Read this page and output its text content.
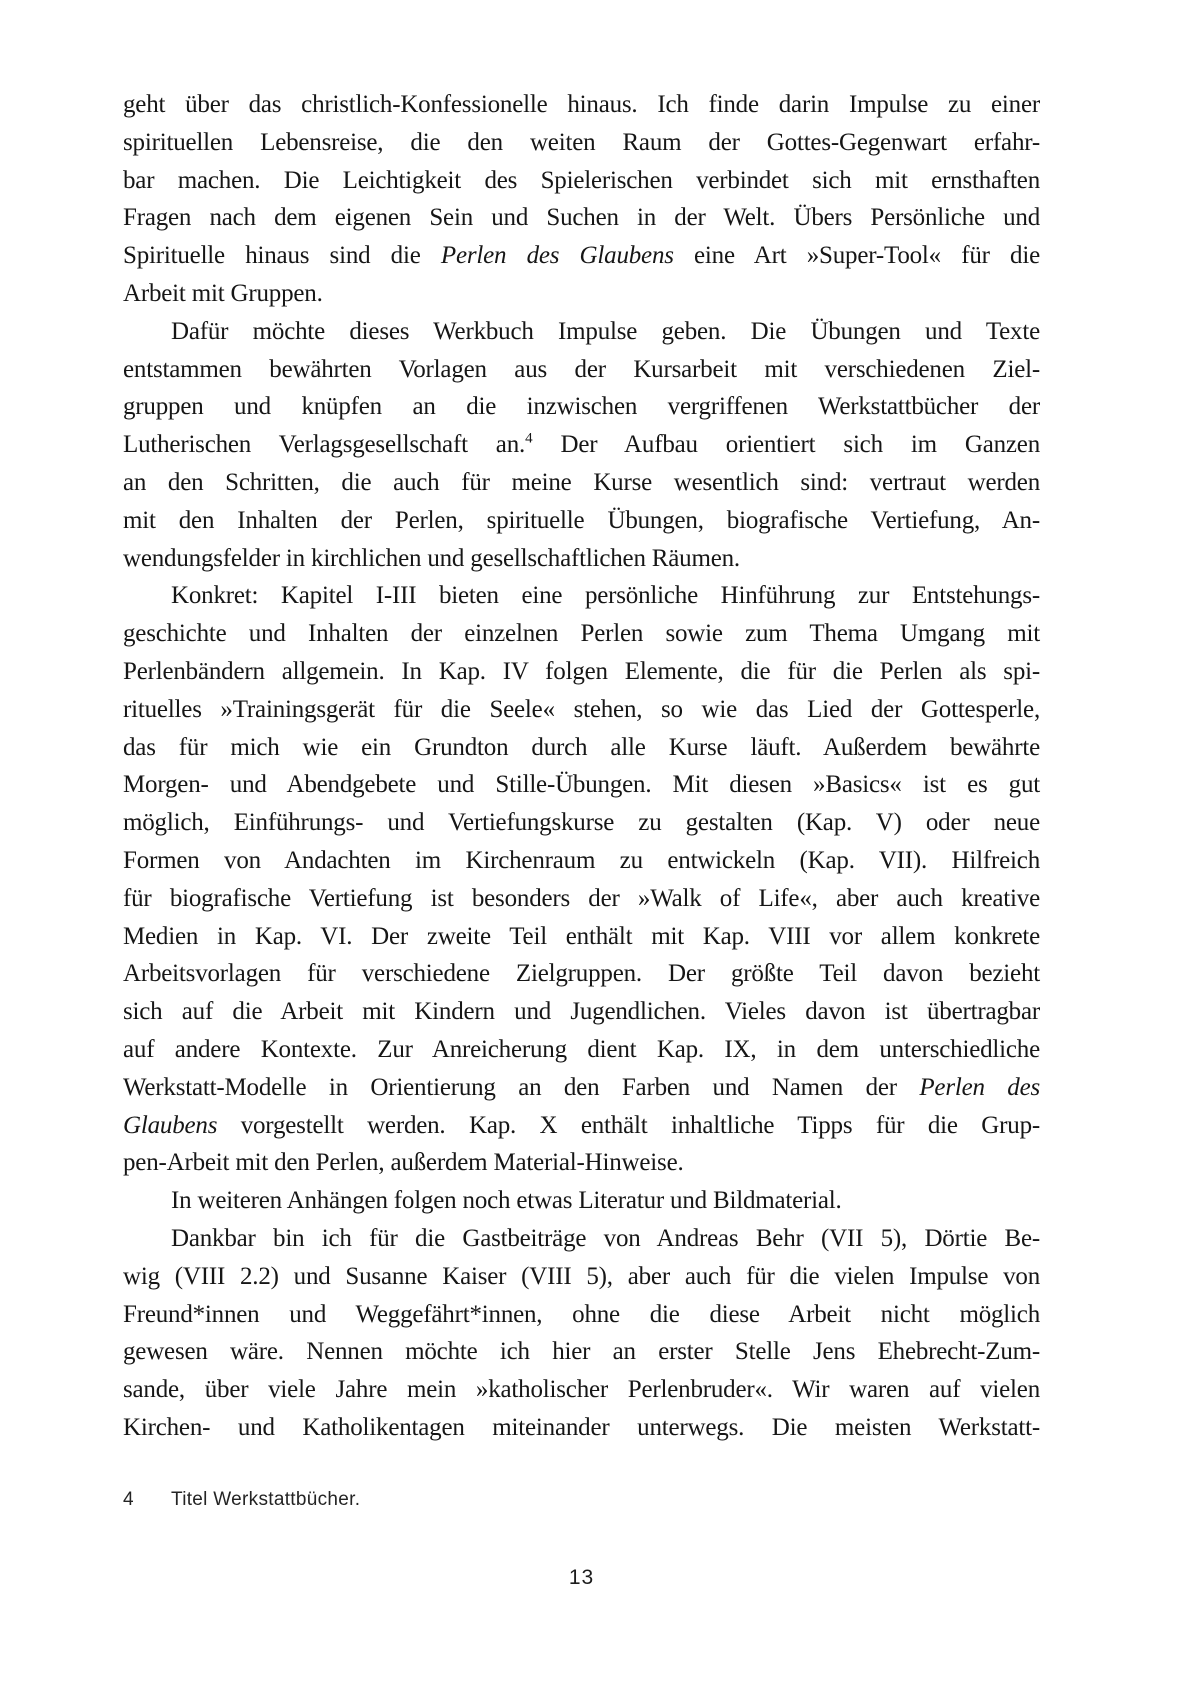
geht über das christlich-Konfessionelle hinaus. Ich finde darin Impulse zu einer
spirituellen Lebensreise, die den weiten Raum der Gottes-Gegenwart erfahr-
bar machen. Die Leichtigkeit des Spielerischen verbindet sich mit ernsthaften
Fragen nach dem eigenen Sein und Suchen in der Welt. Übers Persönliche und
Spirituelle hinaus sind die Perlen des Glaubens eine Art »Super-Tool« für die
Arbeit mit Gruppen.
Dafür möchte dieses Werkbuch Impulse geben. Die Übungen und Texte
entstammen bewährten Vorlagen aus der Kursarbeit mit verschiedenen Ziel-
gruppen und knüpfen an die inzwischen vergriffenen Werkstattbücher der
Lutherischen Verlagsgesellschaft an.$^4$ Der Aufbau orientiert sich im Ganzen
an den Schritten, die auch für meine Kurse wesentlich sind: vertraut werden
mit den Inhalten der Perlen, spirituelle Übungen, biografische Vertiefung, An-
wendungsfelder in kirchlichen und gesellschaftlichen Räumen.
Konkret: Kapitel I-III bieten eine persönliche Hinführung zur Entstehungs-
geschichte und Inhalten der einzelnen Perlen sowie zum Thema Umgang mit
Perlenbändern allgemein. In Kap. IV folgen Elemente, die für die Perlen als spi-
rituelles »Trainingsgerät für die Seele« stehen, so wie das Lied der Gottesperle,
das für mich wie ein Grundton durch alle Kurse läuft. Außerdem bewährte
Morgen- und Abendgebete und Stille-Übungen. Mit diesen »Basics« ist es gut
möglich, Einführungs- und Vertiefungskurse zu gestalten (Kap. V) oder neue
Formen von Andachten im Kirchenraum zu entwickeln (Kap. VII). Hilfreich
für biografische Vertiefung ist besonders der »Walk of Life«, aber auch kreative
Medien in Kap. VI. Der zweite Teil enthält mit Kap. VIII vor allem konkrete
Arbeitsvorlagen für verschiedene Zielgruppen. Der größte Teil davon bezieht
sich auf die Arbeit mit Kindern und Jugendlichen. Vieles davon ist übertragbar
auf andere Kontexte. Zur Anreicherung dient Kap. IX, in dem unterschiedliche
Werkstatt-Modelle in Orientierung an den Farben und Namen der Perlen des
Glaubens vorgestellt werden. Kap. X enthält inhaltliche Tipps für die Grup-
pen-Arbeit mit den Perlen, außerdem Material-Hinweise.
In weiteren Anhängen folgen noch etwas Literatur und Bildmaterial.
Dankbar bin ich für die Gastbeiträge von Andreas Behr (VII 5), Dörtie Be-
wig (VIII 2.2) und Susanne Kaiser (VIII 5), aber auch für die vielen Impulse von
Freund*innen und Weggefährt*innen, ohne die diese Arbeit nicht möglich
gewesen wäre. Nennen möchte ich hier an erster Stelle Jens Ehebrecht-Zum-
sande, über viele Jahre mein »katholischer Perlenbruder«. Wir waren auf vielen
Kirchen- und Katholikentagen miteinander unterwegs. Die meisten Werkstatt-
4	Titel Werkstattbücher.
13
